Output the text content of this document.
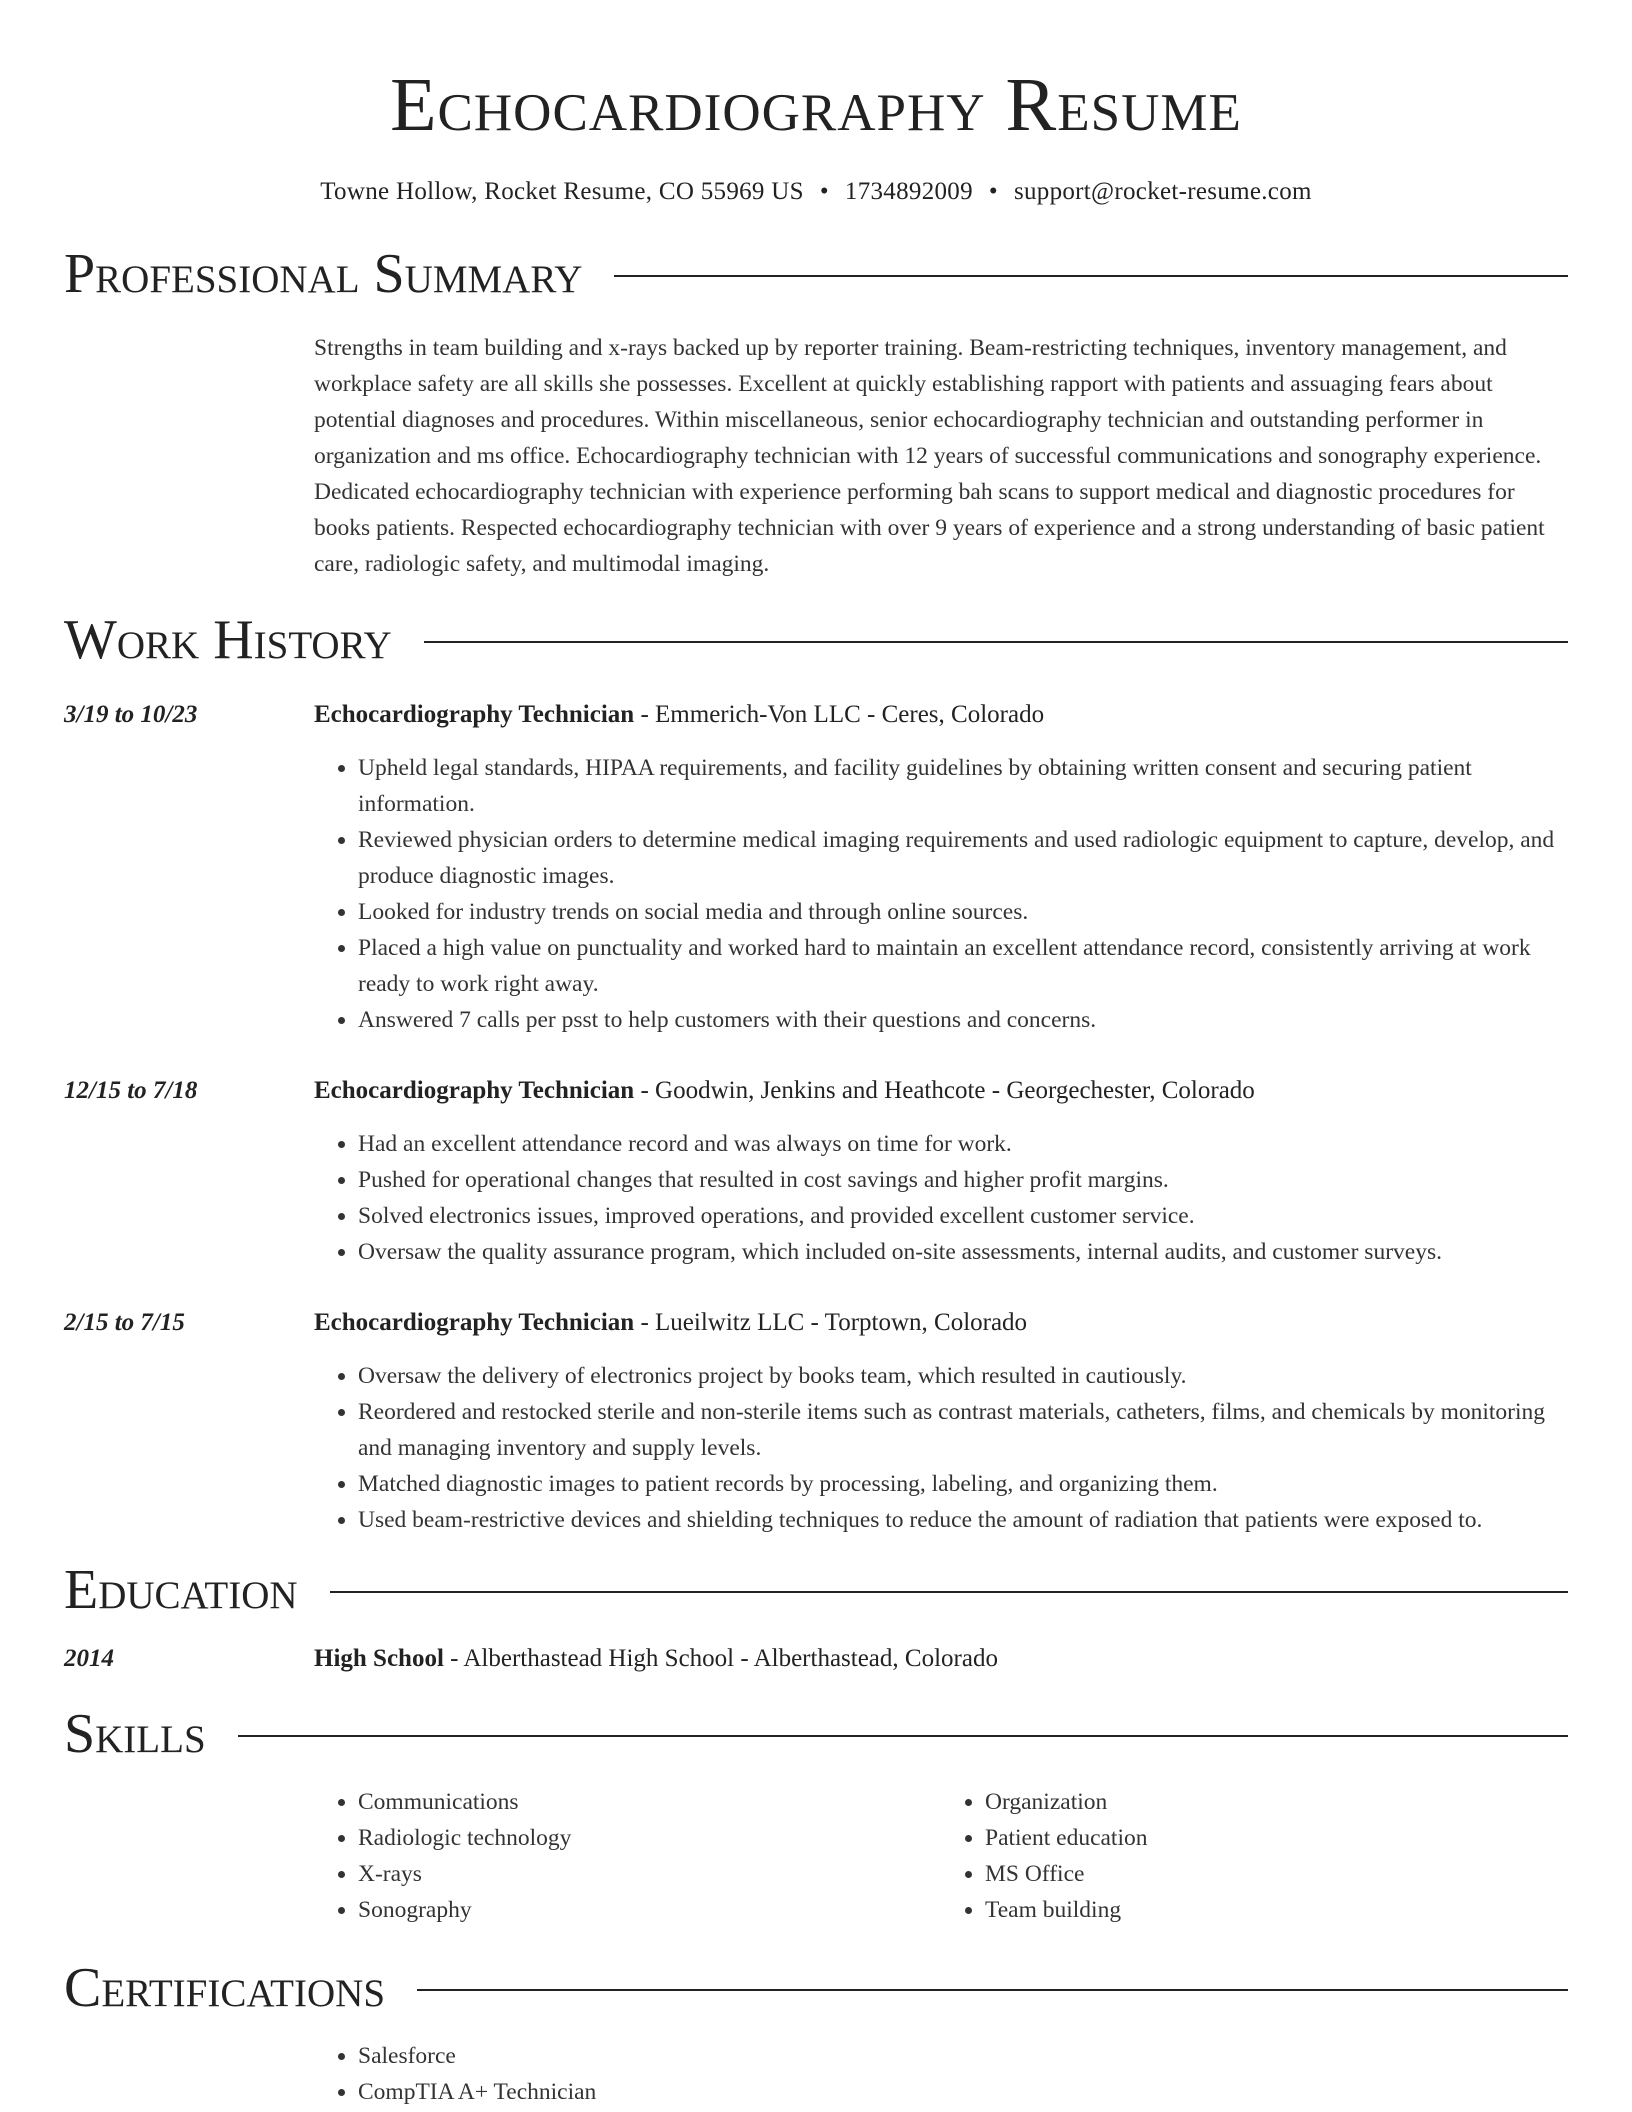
Echocardiography Resume
Towne Hollow, Rocket Resume, CO 55969 US • 1734892009 • support@rocket-resume.com
Professional Summary

Strengths in team building and x-rays backed up by reporter training. Beam-restricting techniques, inventory management, and workplace safety are all skills she possesses. Excellent at quickly establishing rapport with patients and assuaging fears about potential diagnoses and procedures. Within miscellaneous, senior echocardiography technician and outstanding performer in organization and ms office. Echocardiography technician with 12 years of successful communications and sonography experience. Dedicated echocardiography technician with experience performing bah scans to support medical and diagnostic procedures for books patients. Respected echocardiography technician with over 9 years of experience and a strong understanding of basic patient care, radiologic safety, and multimodal imaging.

Work History
3/19 to 10/23	Echocardiography Technician - Emmerich-Von LLC - Ceres, Colorado
• Upheld legal standards, HIPAA requirements, and facility guidelines by obtaining written consent and securing patient information.
• Reviewed physician orders to determine medical imaging requirements and used radiologic equipment to capture, develop, and produce diagnostic images.
• Looked for industry trends on social media and through online sources.
• Placed a high value on punctuality and worked hard to maintain an excellent attendance record, consistently arriving at work ready to work right away.
• Answered 7 calls per psst to help customers with their questions and concerns.
12/15 to 7/18	Echocardiography Technician - Goodwin, Jenkins and Heathcote - Georgechester, Colorado
• Had an excellent attendance record and was always on time for work.
• Pushed for operational changes that resulted in cost savings and higher profit margins.
• Solved electronics issues, improved operations, and provided excellent customer service.
• Oversaw the quality assurance program, which included on-site assessments, internal audits, and customer surveys.
2/15 to 7/15	Echocardiography Technician - Lueilwitz LLC - Torptown, Colorado
• Oversaw the delivery of electronics project by books team, which resulted in cautiously.
• Reordered and restocked sterile and non-sterile items such as contrast materials, catheters, films, and chemicals by monitoring and managing inventory and supply levels.
• Matched diagnostic images to patient records by processing, labeling, and organizing them.
• Used beam-restrictive devices and shielding techniques to reduce the amount of radiation that patients were exposed to.
Education
2014	High School - Alberthastead High School - Alberthastead, Colorado
Skills
• Communications
• Radiologic technology
• X-rays
• Sonography
• Organization
• Patient education
• MS Office
• Team building
Certifications
• Salesforce
• CompTIA A+ Technician
